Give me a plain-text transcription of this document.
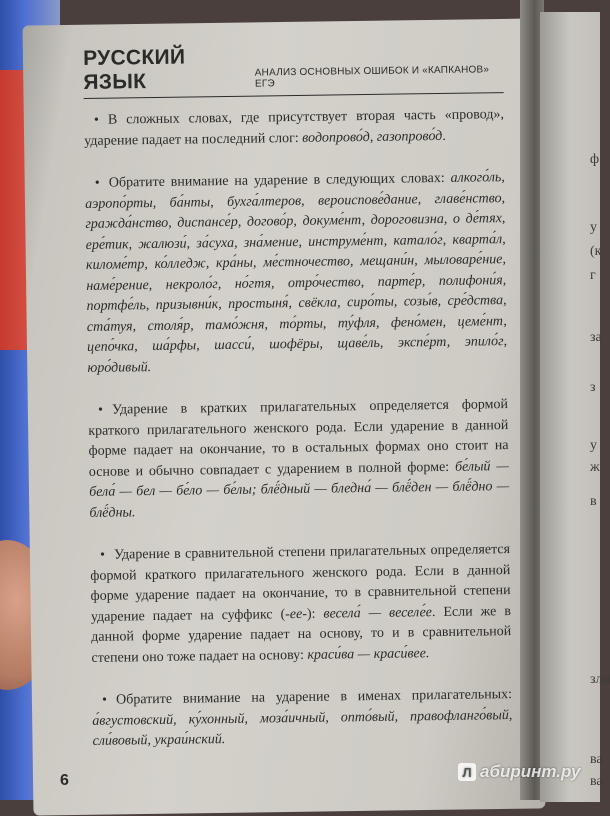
ф
у
(к
г
за
з
у
ж
в
зли
ва
ва
РУССКИЙ ЯЗЫК	АНАЛИЗ ОСНОВНЫХ ОШИБОК И «КАПКАНОВ» ЕГЭ

• В сложных словах, где присутствует вторая часть «провод», ударение падает на последний слог: водопрово́д, газопрово́д.

• Обратите внимание на ударение в следующих словах: алкого́ль, аэропо́рты, ба́нты, бухга́лтеров, вероиспове́дание, главе́нство, гражда́нство, диспансе́р, догово́р, докуме́нт, дороговизна, о де́тях, ере́тик, жалюзи́, за́суха, зна́мение, инструме́нт, катало́г, кварта́л, киломе́тр, ко́лледж, кра́ны, ме́стночество, мещани́н, мыловаре́ние, наме́рение, некроло́г, но́гтя, отро́чество, парте́р, полифони́я, портфе́ль, призывни́к, простыня́, свёкла, сиро́ты, созы́в, сре́дства, ста́туя, столя́р, тамо́жня, то́рты, ту́фля, фено́мен, цеме́нт, цепо́чка, ша́рфы, шасси́, шофёры, щаве́ль, экспе́рт, эпило́г, юро́дивый.

• Ударение в кратких прилагательных определяется формой краткого прилагательного женского рода. Если ударение в данной форме падает на окончание, то в остальных формах оно стоит на основе и обычно совпадает с ударением в полной форме: бе́лый — бела́ — бел — бе́ло — бе́лы; блё́дный — бледна́ — блё́ден — блё́дно — блё́дны.

• Ударение в сравнительной степени прилагательных определяется формой краткого прилагательного женского рода. Если в данной форме ударение падает на окончание, то в сравнительной степени ударение падает на суффикс (-ее-): весела́ — веселе́е. Если же в данной форме ударение падает на основу, то и в сравнительной степени оно тоже падает на основу: краси́ва — краси́вее.

• Обратите внимание на ударение в именах прилагательных: а́вгустовский, ку́хонный, моза́ичный, опто́вый, правофланго́вый, сли́вовый, украи́нский.

6	Л абиринт.ру
